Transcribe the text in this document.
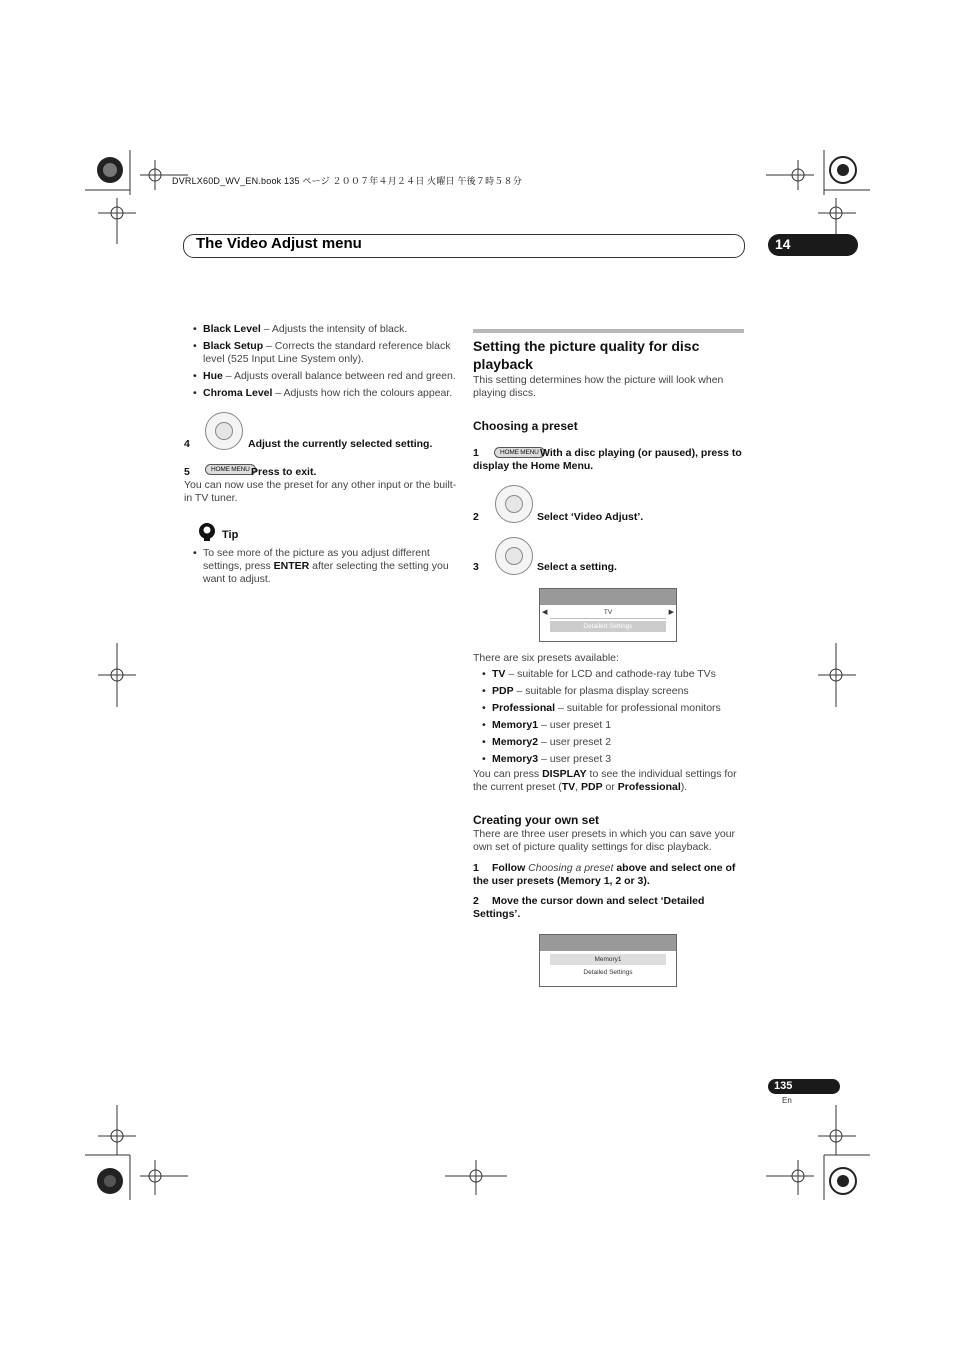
DVRLX60D_WV_EN.book 135 ページ ２００７年４月２４日 火曜日 午後７時５８分
The Video Adjust menu	14
• Black Level – Adjusts the intensity of black.
• Black Setup – Corrects the standard reference black level (525 Input Line System only).
• Hue – Adjusts overall balance between red and green.
• Chroma Level – Adjusts how rich the colours appear.
4	Adjust the currently selected setting.
5	HOME MENU Press to exit.
You can now use the preset for any other input or the built-in TV tuner.
Tip
• To see more of the picture as you adjust different settings, press ENTER after selecting the setting you want to adjust.
Setting the picture quality for disc playback
This setting determines how the picture will look when playing discs.
Choosing a preset
1	HOME MENU With a disc playing (or paused), press to display the Home Menu.
2	Select ‘Video Adjust’.
3	Select a setting.
◀	TV	▶
Detailed Settings
There are six presets available:
• TV – suitable for LCD and cathode-ray tube TVs
• PDP – suitable for plasma display screens
• Professional – suitable for professional monitors
• Memory1 – user preset 1
• Memory2 – user preset 2
• Memory3 – user preset 3
You can press DISPLAY to see the individual settings for the current preset (TV, PDP or Professional).
Creating your own set
There are three user presets in which you can save your own set of picture quality settings for disc playback.
1	Follow Choosing a preset above and select one of the user presets (Memory 1, 2 or 3).
2	Move the cursor down and select ‘Detailed Settings’.
Memory1
Detailed Settings
135
En
